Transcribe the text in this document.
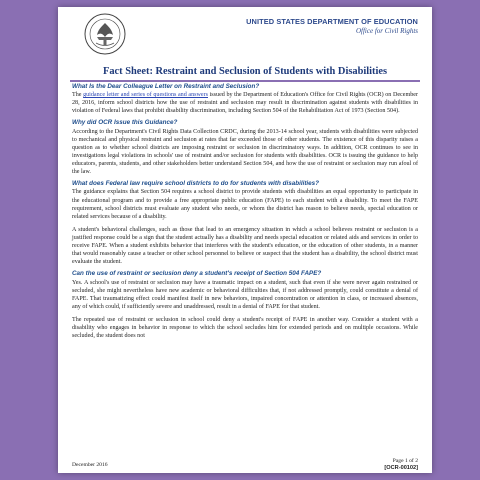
UNITED STATES DEPARTMENT OF EDUCATION
Office for Civil Rights
Fact Sheet: Restraint and Seclusion of Students with Disabilities
What Is the Dear Colleague Letter on Restraint and Seclusion?

The guidance letter and series of questions and answers issued by the Department of Education's Office for Civil Rights (OCR) on December 28, 2016, inform school districts how the use of restraint and seclusion may result in discrimination against students with disabilities in violation of Federal laws that prohibit disability discrimination, including Section 504 of the Rehabilitation Act of 1973 (Section 504).

Why did OCR Issue this Guidance?

According to the Department's Civil Rights Data Collection CRDC, during the 2013-14 school year, students with disabilities were subjected to mechanical and physical restraint and seclusion at rates that far exceeded those of other students. The existence of this disparity raises a question as to whether school districts are imposing restraint or seclusion in discriminatory ways. In addition, OCR continues to see in investigations legal violations in schools' use of restraint and/or seclusion for students with disabilities. OCR is issuing the guidance to help educators, parents, students, and other stakeholders better understand Section 504, and how the use of restraint or seclusion may run afoul of the law.

What does Federal law require school districts to do for students with disabilities?

The guidance explains that Section 504 requires a school district to provide students with disabilities an equal opportunity to participate in the educational program and to provide a free appropriate public education (FAPE) to each student with a disability. To meet the FAPE requirement, school districts must evaluate any student who needs, or whom the district has reason to believe needs, special education or related services because of a disability.

A student's behavioral challenges, such as those that lead to an emergency situation in which a school believes restraint or seclusion is a justified response could be a sign that the student actually has a disability and needs special education or related aids and services in order to receive FAPE. When a student exhibits behavior that interferes with the student's education, or the education of other students, in a manner that would reasonably cause a teacher or other school personnel to believe or suspect that the student has a disability, the school district must evaluate the student.

Can the use of restraint or seclusion deny a student's receipt of Section 504 FAPE?

Yes. A school's use of restraint or seclusion may have a traumatic impact on a student, such that even if she were never again restrained or secluded, she might nevertheless have new academic or behavioral difficulties that, if not addressed promptly, could constitute a denial of FAPE. That traumatizing effect could manifest itself in new behaviors, impaired concentration or attention in class, or increased absences, any of which could, if sufficiently severe and unaddressed, result in a denial of FAPE for that student.

The repeated use of restraint or seclusion in school could deny a student's receipt of FAPE in another way. Consider a student with a disability who engages in behavior in response to which the school secludes him for extended periods and on multiple occasions. While secluded, the student does not

December 2016
Page 1 of 2
[OCR-00102]
